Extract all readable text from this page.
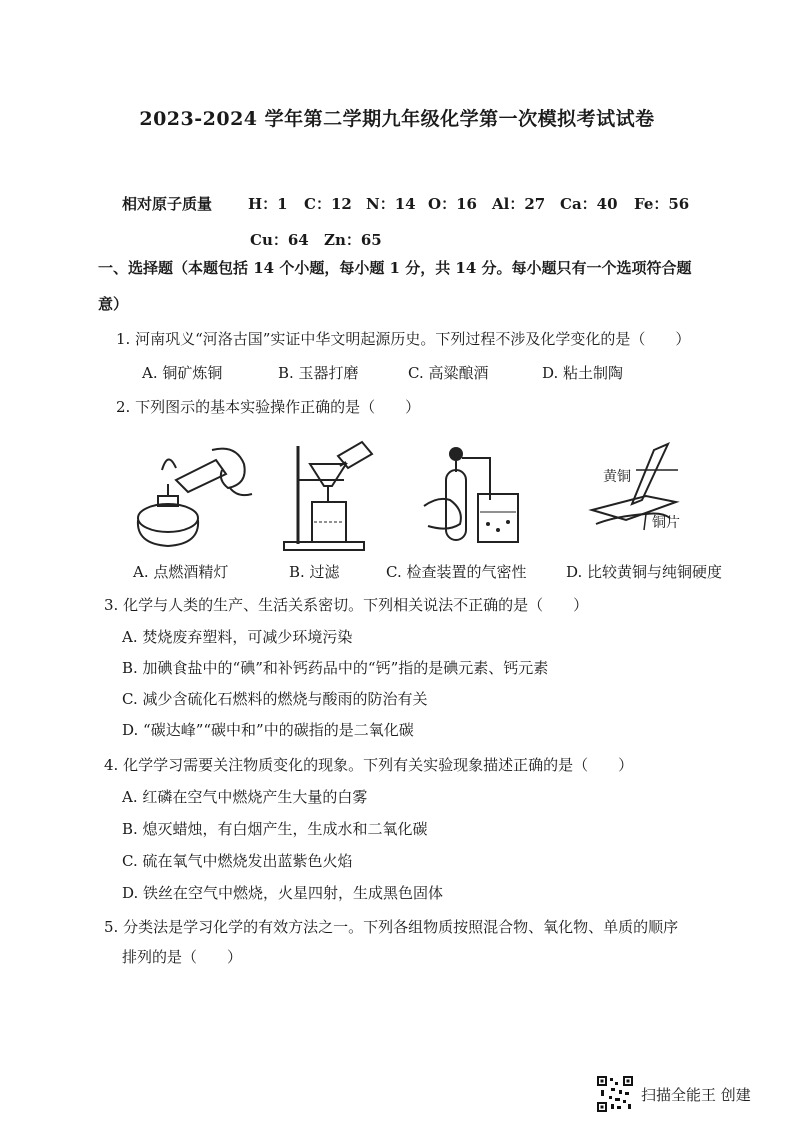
2023-2024 学年第二学期九年级化学第一次模拟考试试卷
相对原子质量 H：1 C：12 N：14 O：16 Al：27 Ca：40 Fe：56
Cu：64 Zn：65
一、选择题（本题包括 14 个小题，每小题 1 分，共 14 分。每小题只有一个选项符合题
意）
1. 河南巩义“河洛古国”实证中华文明起源历史。下列过程不涉及化学变化的是（　　）
A. 铜矿炼铜	B. 玉器打磨	C. 高粱酿酒	D. 粘土制陶
2. 下列图示的基本实验操作正确的是（　　）
黄铜
铜片
A. 点燃酒精灯	B. 过滤	C. 检查装置的气密性	D. 比较黄铜与纯铜硬度
3. 化学与人类的生产、生活关系密切。下列相关说法不正确的是（　　）
A. 焚烧废弃塑料，可减少环境污染
B. 加碘食盐中的“碘”和补钙药品中的“钙”指的是碘元素、钙元素
C. 减少含硫化石燃料的燃烧与酸雨的防治有关
D. “碳达峰”“碳中和”中的碳指的是二氧化碳
4. 化学学习需要关注物质变化的现象。下列有关实验现象描述正确的是（　　）
A. 红磷在空气中燃烧产生大量的白雾
B. 熄灭蜡烛，有白烟产生，生成水和二氧化碳
C. 硫在氧气中燃烧发出蓝紫色火焰
D. 铁丝在空气中燃烧，火星四射，生成黑色固体
5. 分类法是学习化学的有效方法之一。下列各组物质按照混合物、氧化物、单质的顺序
排列的是（　　）
扫描全能王 创建
